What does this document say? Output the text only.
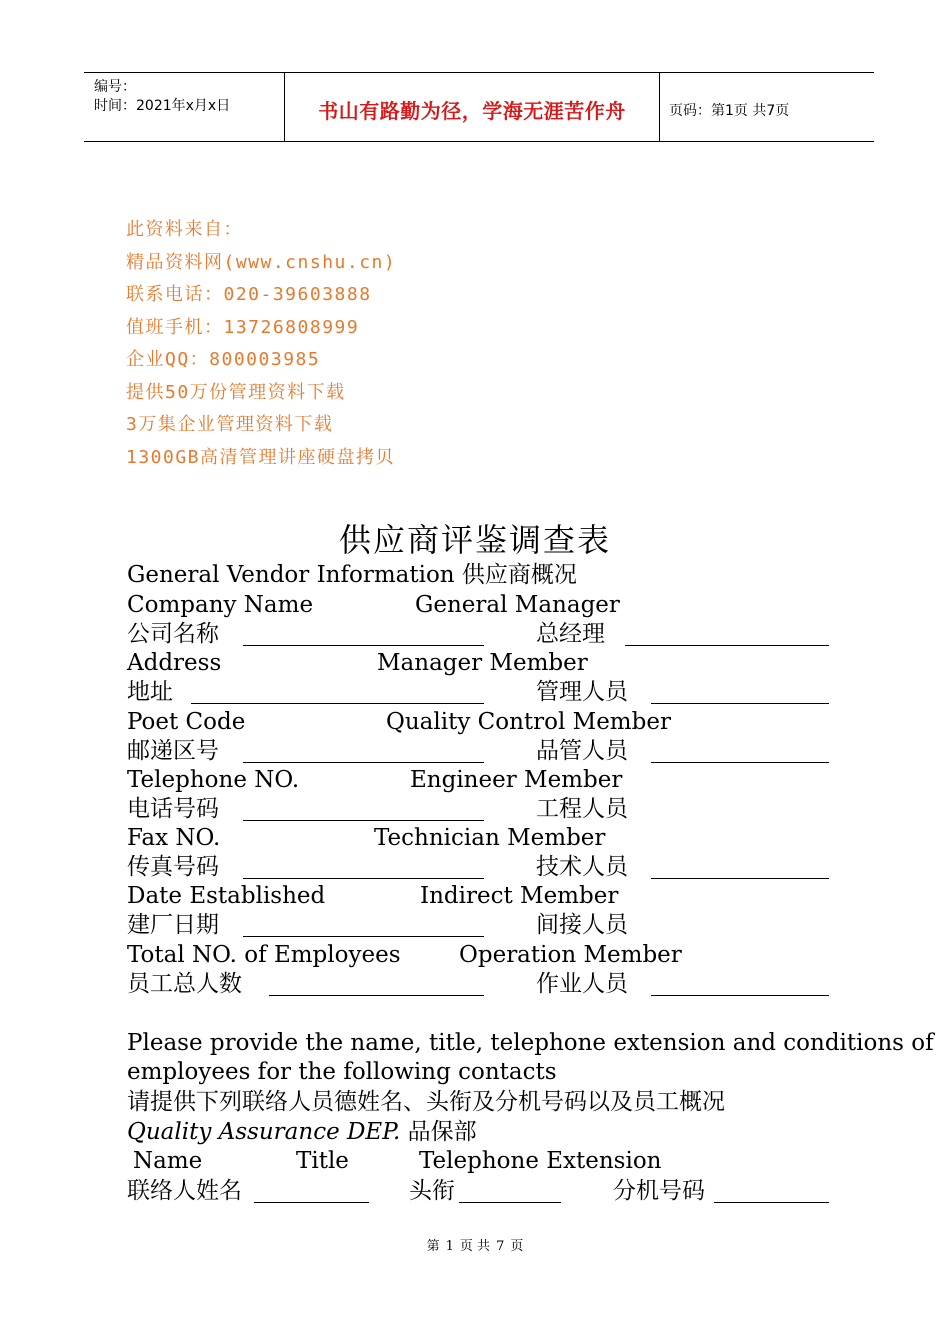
编号：
时间：2021年x月x日	书山有路勤为径，学海无涯苦作舟	页码：第1页 共7页
此资料来自：
精品资料网(www.cnshu.cn)
联系电话：020-39603888
值班手机：13726808999
企业QQ：800003985
提供50万份管理资料下载
3万集企业管理资料下载
1300GB高清管理讲座硬盘拷贝
供应商评鉴调查表
General Vendor Information 供应商概况
Company Name	General Manager
公司名称	总经理
Address	Manager Member
地址	管理人员
Poet Code	Quality Control Member
邮递区号	品管人员
Telephone NO.	Engineer Member
电话号码	工程人员
Fax NO.	Technician Member
传真号码	技术人员
Date Established	Indirect Member
建厂日期	间接人员
Total NO. of Employees	Operation Member
员工总人数	作业人员
Please provide the name, title, telephone extension and conditions of
employees for the following contacts
请提供下列联络人员德姓名、头衔及分机号码以及员工概况
Quality Assurance DEP. 品保部
Name	Title	Telephone Extension
联络人姓名	头衔	分机号码
第 1 页 共 7 页
